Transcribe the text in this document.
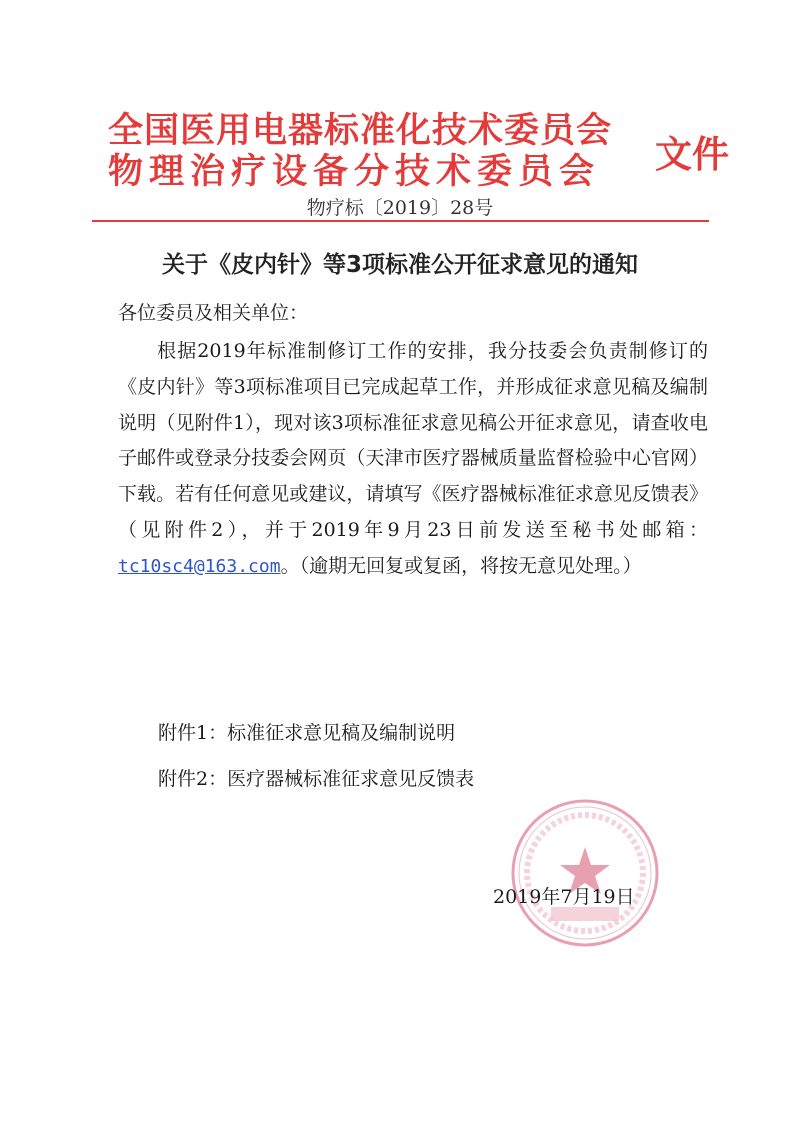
全国医用电器标准化技术委员会
物理治疗设备分技术委员会 文件
物疗标〔2019〕28号
关于《皮内针》等3项标准公开征求意见的通知
各位委员及相关单位：
根据2019年标准制修订工作的安排，我分技委会负责制修订的《皮内针》等3项标准项目已完成起草工作，并形成征求意见稿及编制说明（见附件1），现对该3项标准征求意见稿公开征求意见，请查收电子邮件或登录分技委会网页（天津市医疗器械质量监督检验中心官网）下载。若有任何意见或建议，请填写《医疗器械标准征求意见反馈表》（见附件2），并于2019年9月23日前发送至秘书处邮箱：tc10sc4@163.com。（逾期无回复或复函，将按无意见处理。）
附件1：标准征求意见稿及编制说明
附件2：医疗器械标准征求意见反馈表
2019年7月19日
